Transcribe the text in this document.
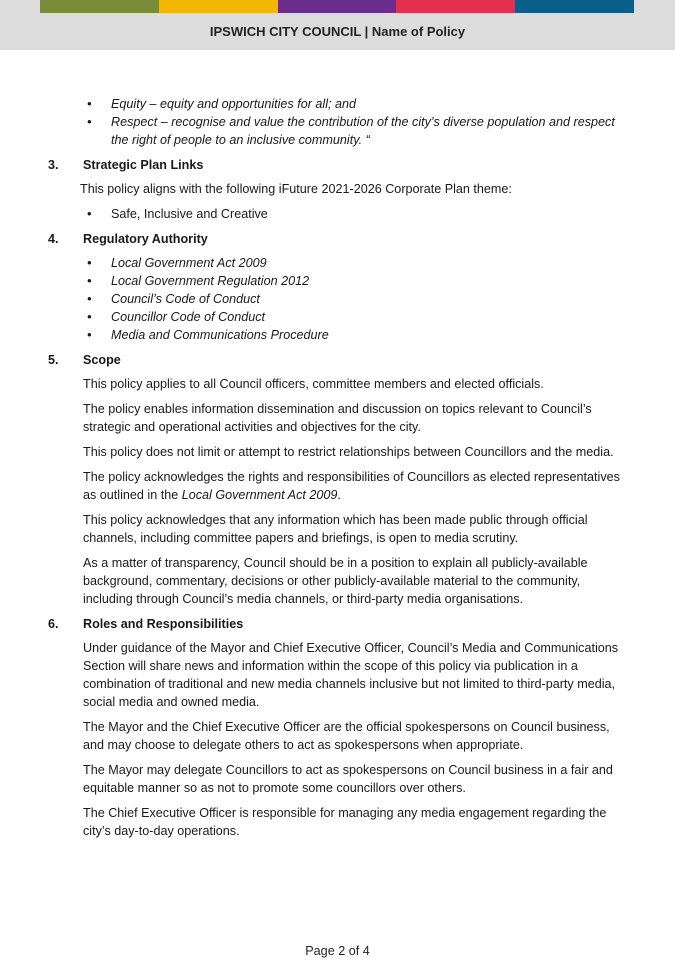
IPSWICH CITY COUNCIL | Name of Policy
• Equity – equity and opportunities for all; and
• Respect – recognise and value the contribution of the city’s diverse population and respect the right of people to an inclusive community. “
3.	Strategic Plan Links

This policy aligns with the following iFuture 2021-2026 Corporate Plan theme:

• Safe, Inclusive and Creative
4.	Regulatory Authority
• Local Government Act 2009
• Local Government Regulation 2012
• Council’s Code of Conduct
• Councillor Code of Conduct
• Media and Communications Procedure
5.	Scope

This policy applies to all Council officers, committee members and elected officials.

The policy enables information dissemination and discussion on topics relevant to Council’s strategic and operational activities and objectives for the city.

This policy does not limit or attempt to restrict relationships between Councillors and the media.

The policy acknowledges the rights and responsibilities of Councillors as elected representatives as outlined in the Local Government Act 2009.

This policy acknowledges that any information which has been made public through official channels, including committee papers and briefings, is open to media scrutiny.

As a matter of transparency, Council should be in a position to explain all publicly-available background, commentary, decisions or other publicly-available material to the community, including through Council’s media channels, or third-party media organisations.

6.	Roles and Responsibilities

Under guidance of the Mayor and Chief Executive Officer, Council’s Media and Communications Section will share news and information within the scope of this policy via publication in a combination of traditional and new media channels inclusive but not limited to third-party media, social media and owned media.

The Mayor and the Chief Executive Officer are the official spokespersons on Council business, and may choose to delegate others to act as spokespersons when appropriate.

The Mayor may delegate Councillors to act as spokespersons on Council business in a fair and equitable manner so as not to promote some councillors over others.

The Chief Executive Officer is responsible for managing any media engagement regarding the city’s day-to-day operations.

Page 2 of 4
